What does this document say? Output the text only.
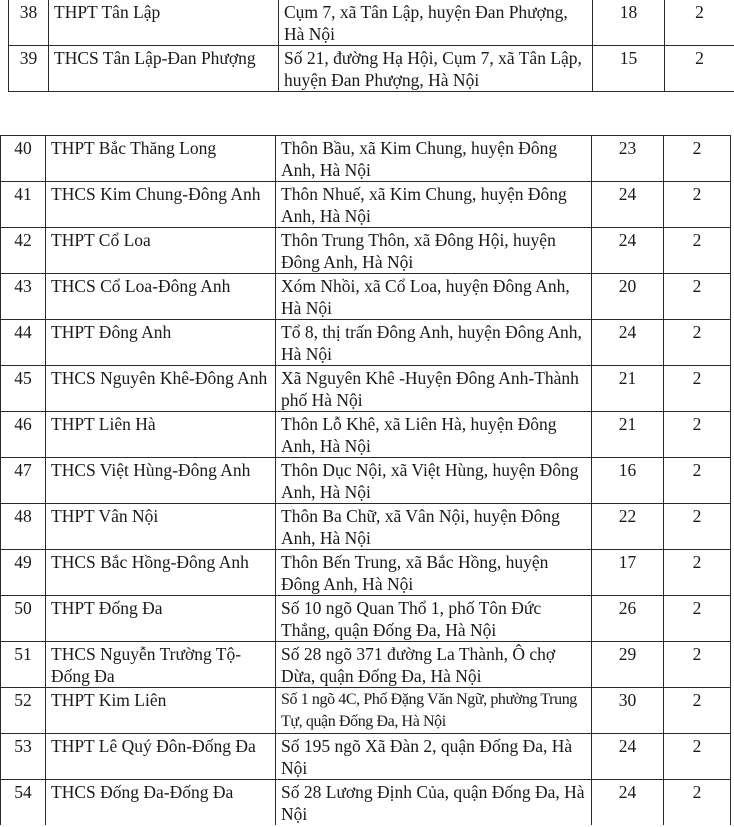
38	THPT Tân Lập	Cụm 7, xã Tân Lập, huyện Đan Phượng, Hà Nội	18	2
39	THCS Tân Lập-Đan Phượng	Số 21, đường Hạ Hội, Cụm 7, xã Tân Lập, huyện Đan Phượng, Hà Nội	15	2
40	THPT Bắc Thăng Long	Thôn Bầu, xã Kim Chung, huyện Đông Anh, Hà Nội	23	2
41	THCS Kim Chung-Đông Anh	Thôn Nhuế, xã Kim Chung, huyện Đông Anh, Hà Nội	24	2
42	THPT Cổ Loa	Thôn Trung Thôn, xã Đông Hội, huyện Đông Anh, Hà Nội	24	2
43	THCS Cổ Loa-Đông Anh	Xóm Nhồi, xã Cổ Loa, huyện Đông Anh, Hà Nội	20	2
44	THPT Đông Anh	Tổ 8, thị trấn Đông Anh, huyện Đông Anh, Hà Nội	24	2
45	THCS Nguyên Khê-Đông Anh	Xã Nguyên Khê -Huyện Đông Anh-Thành phố Hà Nội	21	2
46	THPT Liên Hà	Thôn Lỗ Khê, xã Liên Hà, huyện Đông Anh, Hà Nội	21	2
47	THCS Việt Hùng-Đông Anh	Thôn Dục Nội, xã Việt Hùng, huyện Đông Anh, Hà Nội	16	2
48	THPT Vân Nội	Thôn Ba Chữ, xã Vân Nội, huyện Đông Anh, Hà Nội	22	2
49	THCS Bắc Hồng-Đông Anh	Thôn Bến Trung, xã Bắc Hồng, huyện Đông Anh, Hà Nội	17	2
50	THPT Đống Đa	Số 10 ngõ Quan Thổ 1, phố Tôn Đức Thắng, quận Đống Đa, Hà Nội	26	2
51	THCS Nguyễn Trường Tộ-Đống Đa	Số 28 ngõ 371 đường La Thành, Ô chợ Dừa, quận Đống Đa, Hà Nội	29	2
52	THPT Kim Liên	Số 1 ngõ 4C, Phố Đặng Văn Ngữ, phường Trung Tự, quận Đống Đa, Hà Nội	30	2
53	THPT Lê Quý Đôn-Đống Đa	Số 195 ngõ Xã Đàn 2, quận Đống Đa, Hà Nội	24	2
54	THCS Đống Đa-Đống Đa	Số 28 Lương Định Của, quận Đống Đa, Hà Nội	24	2
